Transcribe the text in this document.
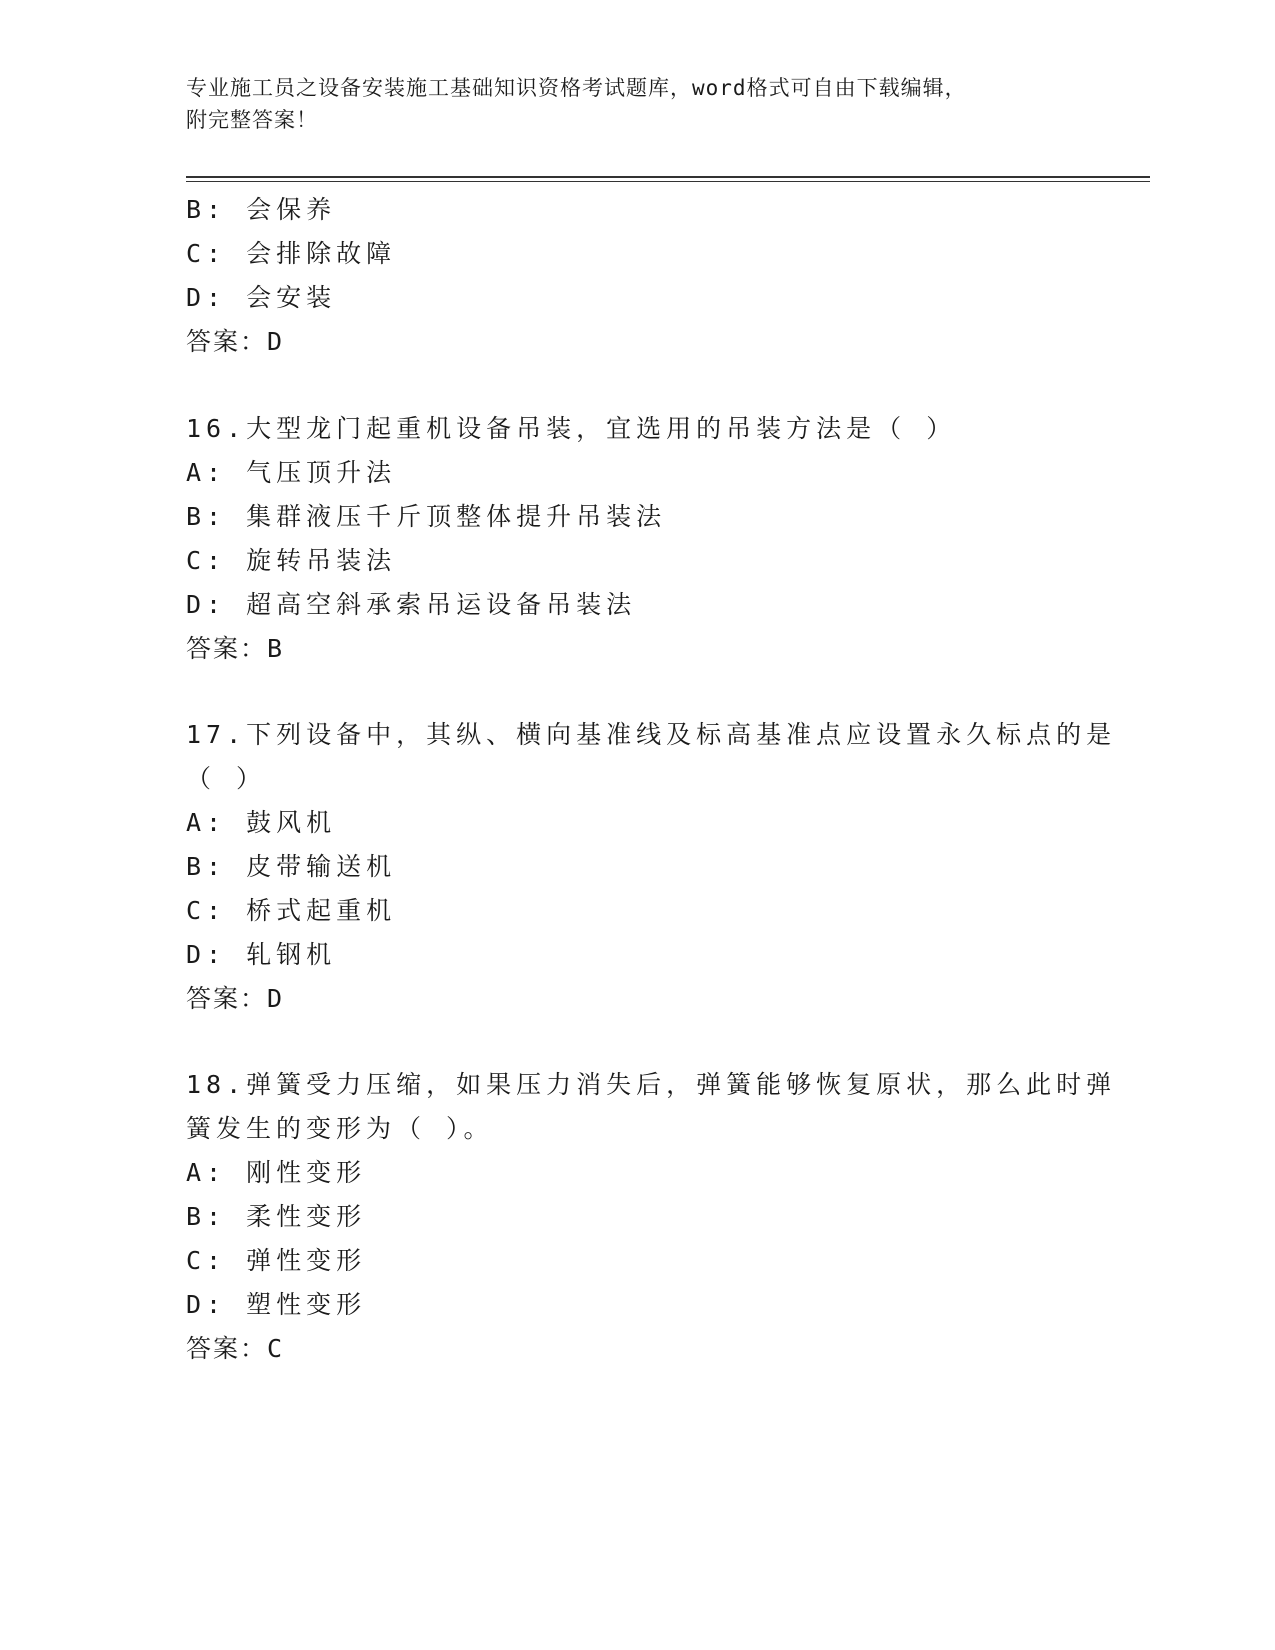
专业施工员之设备安装施工基础知识资格考试题库，word格式可自由下载编辑，
附完整答案！
B: 会保养
C: 会排除故障
D: 会安装
答案：D
16.大型龙门起重机设备吊装，宜选用的吊装方法是（ ）
A: 气压顶升法
B: 集群液压千斤顶整体提升吊装法
C: 旋转吊装法
D: 超高空斜承索吊运设备吊装法
答案：B
17.下列设备中，其纵、横向基准线及标高基准点应设置永久标点的是
（ ）
A: 鼓风机
B: 皮带输送机
C: 桥式起重机
D: 轧钢机
答案：D
18.弹簧受力压缩，如果压力消失后，弹簧能够恢复原状，那么此时弹
簧发生的变形为（ ）。
A: 刚性变形
B: 柔性变形
C: 弹性变形
D: 塑性变形
答案：C
